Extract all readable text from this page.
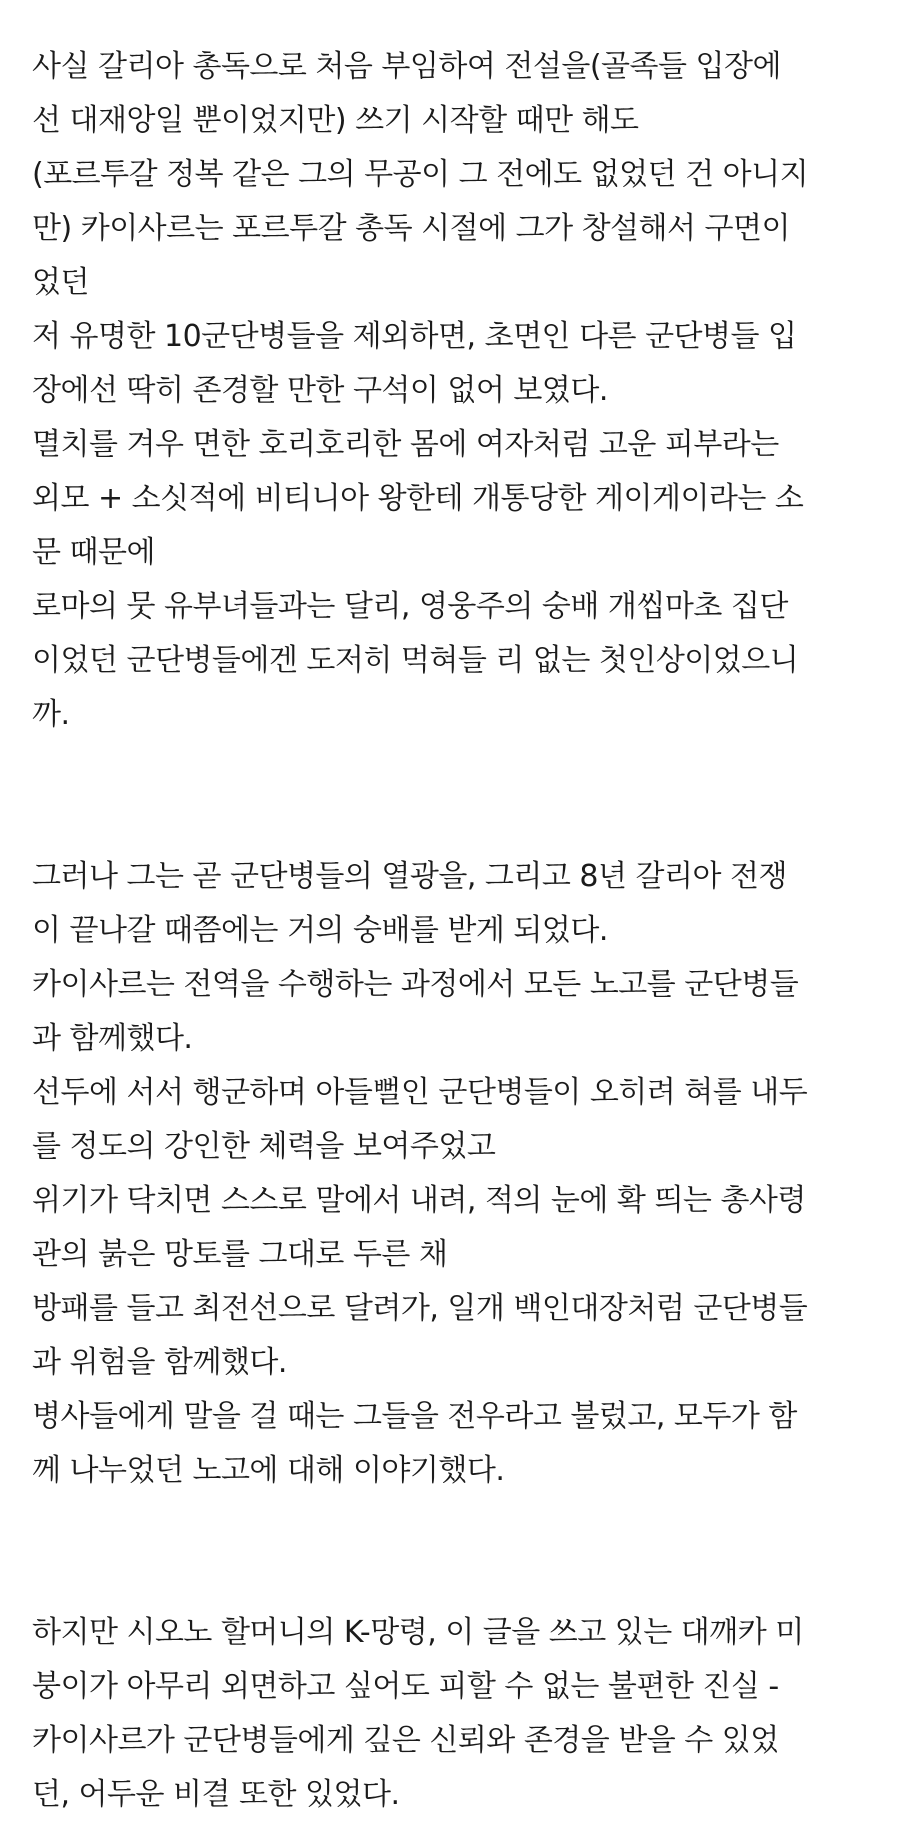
사실 갈리아 총독으로 처음 부임하여 전설을(골족들 입장에
선 대재앙일 뿐이었지만) 쓰기 시작할 때만 해도
(포르투갈 정복 같은 그의 무공이 그 전에도 없었던 건 아니지
만) 카이사르는 포르투갈 총독 시절에 그가 창설해서 구면이
었던
저 유명한 10군단병들을 제외하면, 초면인 다른 군단병들 입
장에선 딱히 존경할 만한 구석이 없어 보였다.
멸치를 겨우 면한 호리호리한 몸에 여자처럼 고운 피부라는
외모 + 소싯적에 비티니아 왕한테 개통당한 게이게이라는 소
문 때문에
로마의 뭇 유부녀들과는 달리, 영웅주의 숭배 개씹마초 집단
이었던 군단병들에겐 도저히 먹혀들 리 없는 첫인상이었으니
까.
그러나 그는 곧 군단병들의 열광을, 그리고 8년 갈리아 전쟁
이 끝나갈 때쯤에는 거의 숭배를 받게 되었다.
카이사르는 전역을 수행하는 과정에서 모든 노고를 군단병들
과 함께했다.
선두에 서서 행군하며 아들뻘인 군단병들이 오히려 혀를 내두
를 정도의 강인한 체력을 보여주었고
위기가 닥치면 스스로 말에서 내려, 적의 눈에 확 띄는 총사령
관의 붉은 망토를 그대로 두른 채
방패를 들고 최전선으로 달려가, 일개 백인대장처럼 군단병들
과 위험을 함께했다.
병사들에게 말을 걸 때는 그들을 전우라고 불렀고, 모두가 함
께 나누었던 노고에 대해 이야기했다.
하지만 시오노 할머니의 K-망령, 이 글을 쓰고 있는 대깨카 미
붕이가 아무리 외면하고 싶어도 피할 수 없는 불편한 진실 -
카이사르가 군단병들에게 깊은 신뢰와 존경을 받을 수 있었
던, 어두운 비결 또한 있었다.
